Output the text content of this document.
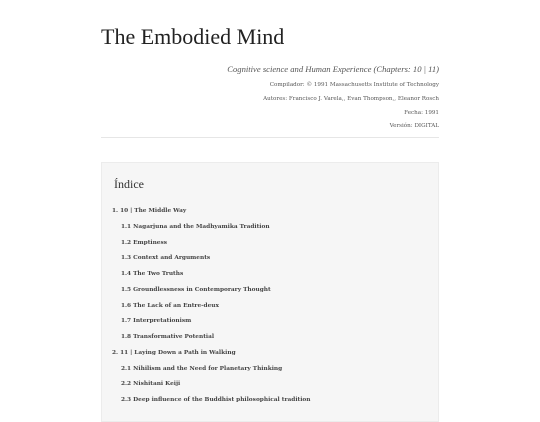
The Embodied Mind

Cognitive science and Human Experience (Chapters: 10 | 11)

Compilador: © 1991 Massachusetts Institute of Technology

Autores: Francisco J. Varela,, Evan Thompson,, Eleanor Rosch

Fecha: 1991

Versión: DIGITAL

Índice
1. 10 | The Middle Way
1.1 Nagarjuna and the Madhyamika Tradition
1.2 Emptiness
1.3 Context and Arguments
1.4 The Two Truths
1.5 Groundlessness in Contemporary Thought
1.6 The Lack of an Entre-deux
1.7 Interpretationism
1.8 Transformative Potential
2. 11 | Laying Down a Path in Walking
2.1 Nihilism and the Need for Planetary Thinking
2.2 Nishitani Keiji
2.3 Deep influence of the Buddhist philosophical tradition
